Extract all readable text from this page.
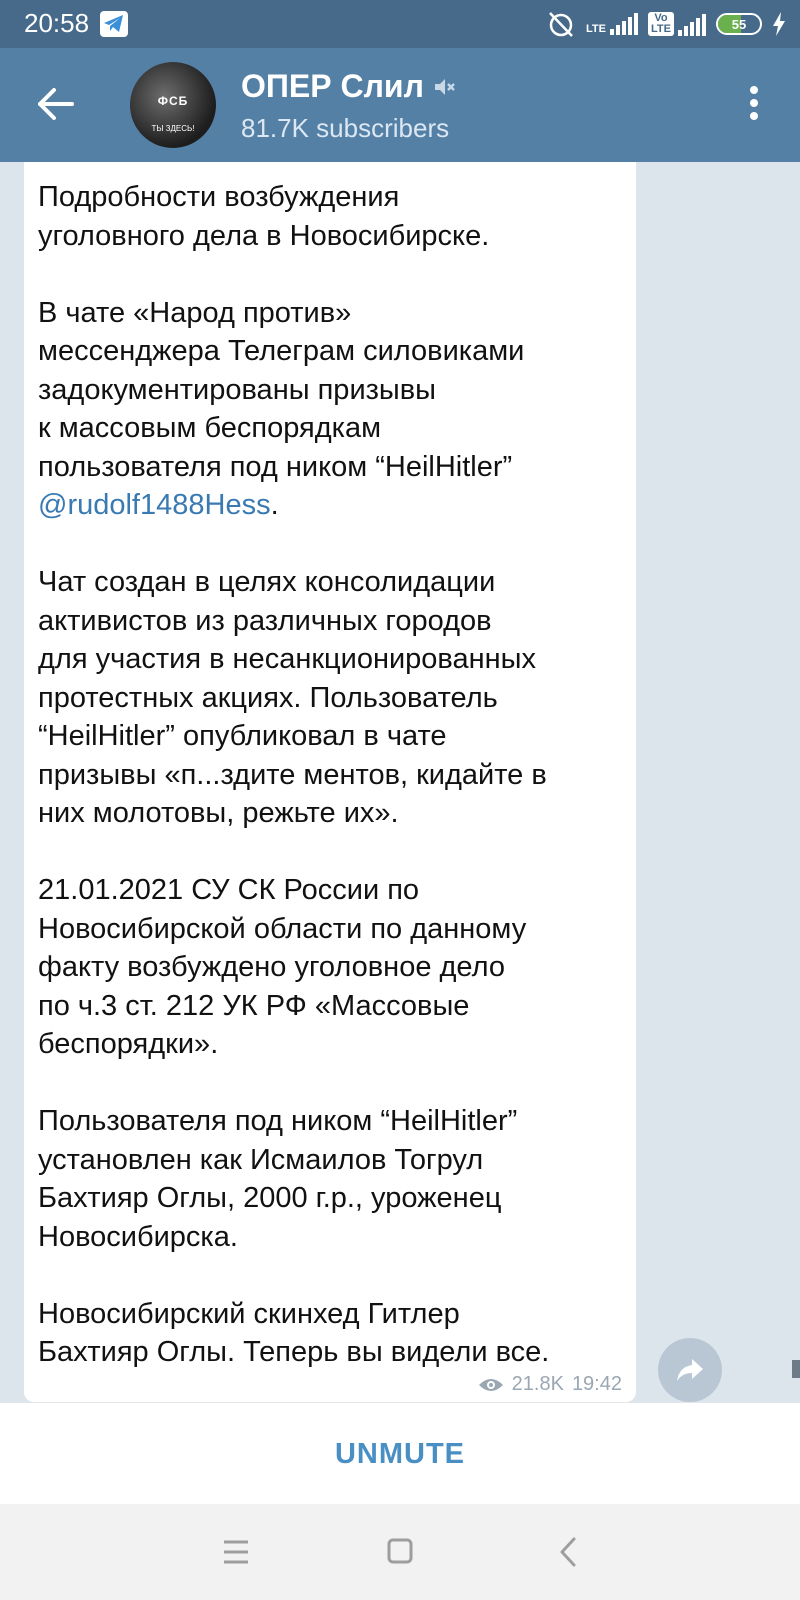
20:58	LTE
Vo LTE	55
ФСБ
ТЫ ЗДЕСЬ!
ОПЕР Слил
81.7K subscribers

Подробности возбуждения
уголовного дела в Новосибирске.

В чате «Народ против»
мессенджера Телеграм силовиками
задокументированы призывы
к массовым беспорядкам
пользователя под ником “HeilHitler”
@rudolf1488Hess.

Чат создан в целях консолидации
активистов из различных городов
для участия в несанкционированных
протестных акциях. Пользователь
“HeilHitler” опубликовал в чате
призывы «п...здите ментов, кидайте в
них молотовы, режьте их».

21.01.2021 СУ СК России по
Новосибирской области по данному
факту возбуждено уголовное дело
по ч.3 ст. 212 УК РФ «Массовые
беспорядки».

Пользователя под ником “HeilHitler”
установлен как Исмаилов Тогрул
Бахтияр Оглы, 2000 г.р., уроженец
Новосибирска.

Новосибирский скинхед Гитлер
Бахтияр Оглы. Теперь вы видели все.

21.8K 19:42
UNMUTE
